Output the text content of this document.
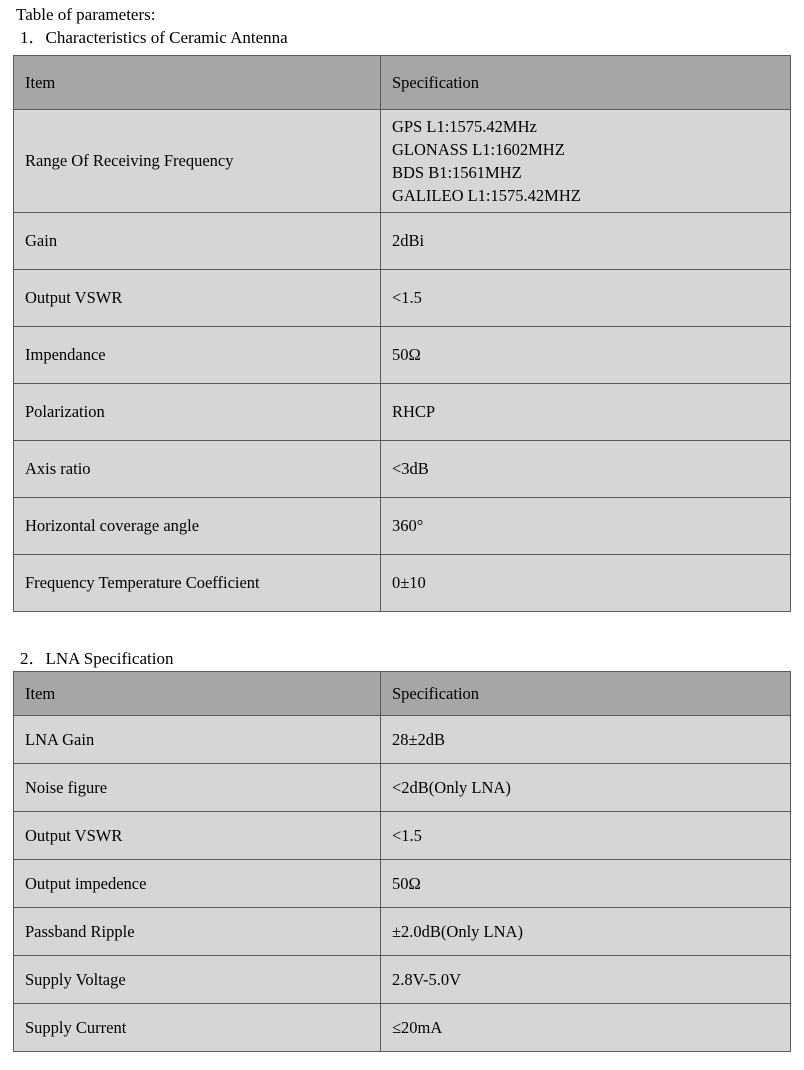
Table of parameters:
1．Characteristics of Ceramic Antenna
Item	Specification
Range Of Receiving Frequency	GPS L1:1575.42MHz
GLONASS L1:1602MHZ
BDS B1:1561MHZ
GALILEO L1:1575.42MHZ

Gain	2dBi
Output VSWR	<1.5
Impendance	50Ω
Polarization	RHCP
Axis ratio	<3dB
Horizontal coverage angle	360°
Frequency Temperature Coefficient	0±10
2．LNA Specification
Item	Specification
LNA Gain	28±2dB
Noise figure	<2dB(Only LNA)
Output VSWR	<1.5
Output impedence	50Ω
Passband Ripple	±2.0dB(Only LNA)
Supply Voltage	2.8V-5.0V
Supply Current	≤20mA
